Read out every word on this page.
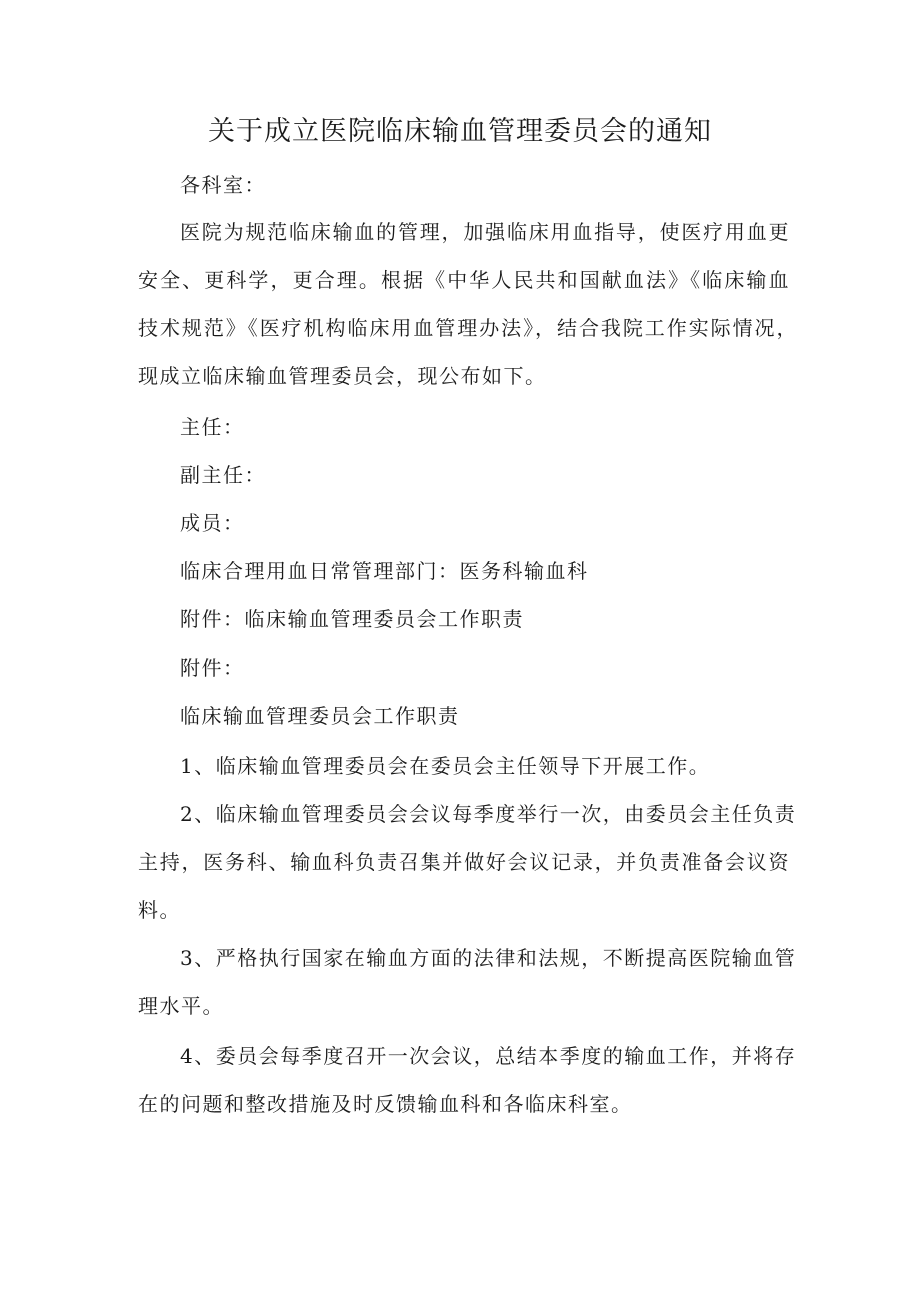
关于成立医院临床输血管理委员会的通知
各科室：
医院为规范临床输血的管理，加强临床用血指导，使医疗用血更
安全、更科学，更合理。根据《中华人民共和国献血法》《临床输血
技术规范》《医疗机构临床用血管理办法》，结合我院工作实际情况，
现成立临床输血管理委员会，现公布如下。
主任：
副主任：
成员：
临床合理用血日常管理部门：医务科输血科
附件：临床输血管理委员会工作职责
附件：
临床输血管理委员会工作职责
1、临床输血管理委员会在委员会主任领导下开展工作。
2、临床输血管理委员会会议每季度举行一次，由委员会主任负责
主持，医务科、输血科负责召集并做好会议记录，并负责准备会议资
料。
3、严格执行国家在输血方面的法律和法规，不断提高医院输血管
理水平。
4、委员会每季度召开一次会议，总结本季度的输血工作，并将存
在的问题和整改措施及时反馈输血科和各临床科室。
